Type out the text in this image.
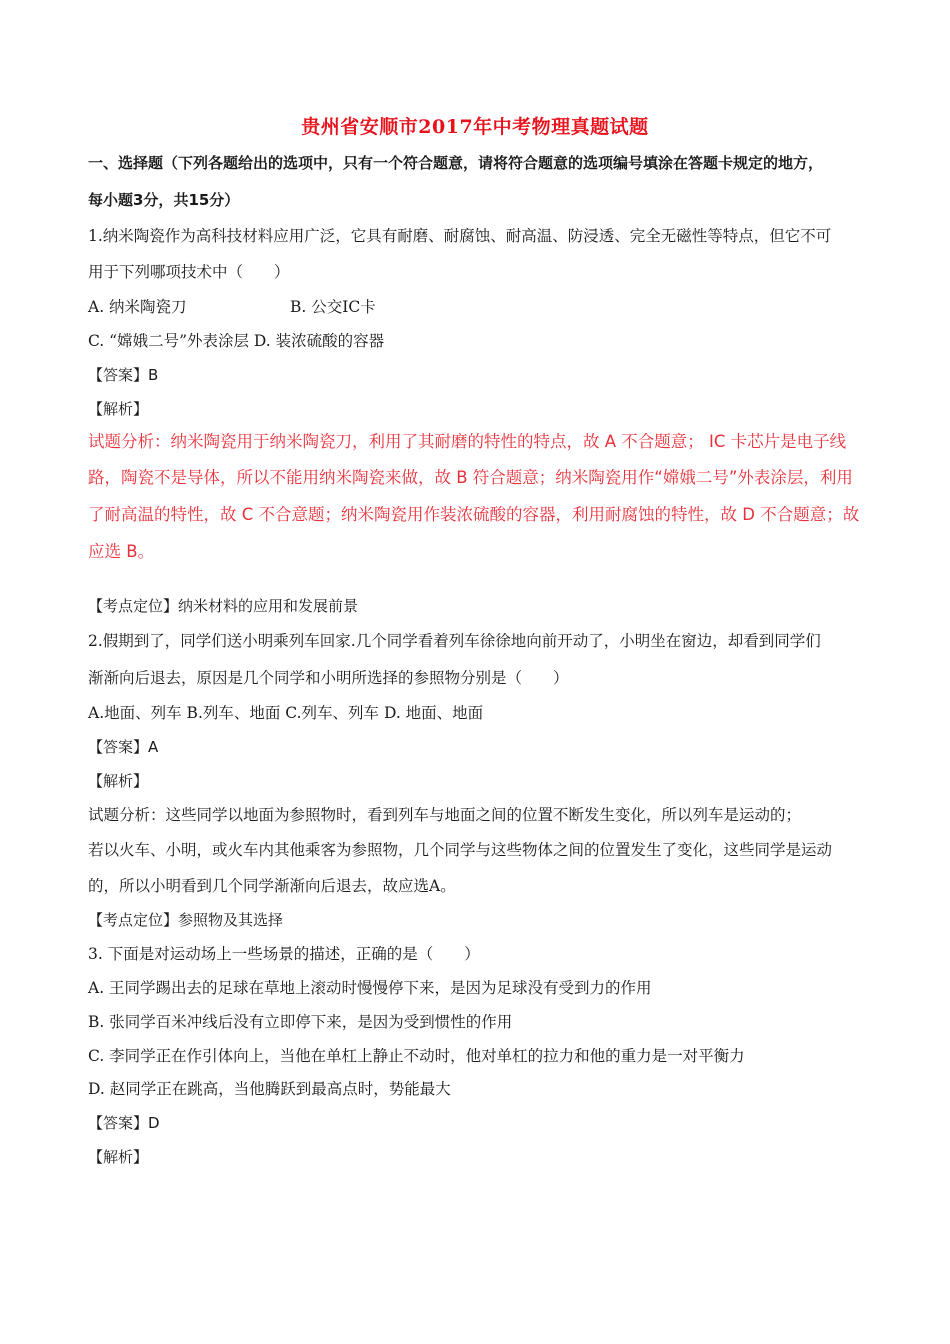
贵州省安顺市2017年中考物理真题试题
一、选择题（下列各题给出的选项中，只有一个符合题意，请将符合题意的选项编号填涂在答题卡规定的地方，
每小题3分，共15分）
1.纳米陶瓷作为高科技材料应用广泛，它具有耐磨、耐腐蚀、耐高温、防浸透、完全无磁性等特点，但它不可
用于下列哪项技术中（　　）
A. 纳米陶瓷刀	B. 公交IC卡
C. “嫦娥二号”外表涂层 D. 装浓硫酸的容器
【答案】B
【解析】
试题分析：纳米陶瓷用于纳米陶瓷刀，利用了其耐磨的特性的特点，故 A 不合题意； IC 卡芯片是电子线
路，陶瓷不是导体，所以不能用纳米陶瓷来做，故 B 符合题意；纳米陶瓷用作“嫦娥二号”外表涂层，利用
了耐高温的特性，故 C 不合意题；纳米陶瓷用作装浓硫酸的容器，利用耐腐蚀的特性，故 D 不合题意；故
应选 B。
【考点定位】纳米材料的应用和发展前景
2.假期到了，同学们送小明乘列车回家.几个同学看着列车徐徐地向前开动了，小明坐在窗边，却看到同学们
渐渐向后退去，原因是几个同学和小明所选择的参照物分别是（　　）
A.地面、列车 B.列车、地面 C.列车、列车 D. 地面、地面
【答案】A
【解析】
试题分析：这些同学以地面为参照物时，看到列车与地面之间的位置不断发生变化，所以列车是运动的；
若以火车、小明，或火车内其他乘客为参照物，几个同学与这些物体之间的位置发生了变化，这些同学是运动
的，所以小明看到几个同学渐渐向后退去，故应选A。
【考点定位】参照物及其选择
3. 下面是对运动场上一些场景的描述，正确的是（　　）
A. 王同学踢出去的足球在草地上滚动时慢慢停下来，是因为足球没有受到力的作用
B. 张同学百米冲线后没有立即停下来，是因为受到惯性的作用
C. 李同学正在作引体向上，当他在单杠上静止不动时，他对单杠的拉力和他的重力是一对平衡力
D. 赵同学正在跳高，当他腾跃到最高点时，势能最大
【答案】D
【解析】
